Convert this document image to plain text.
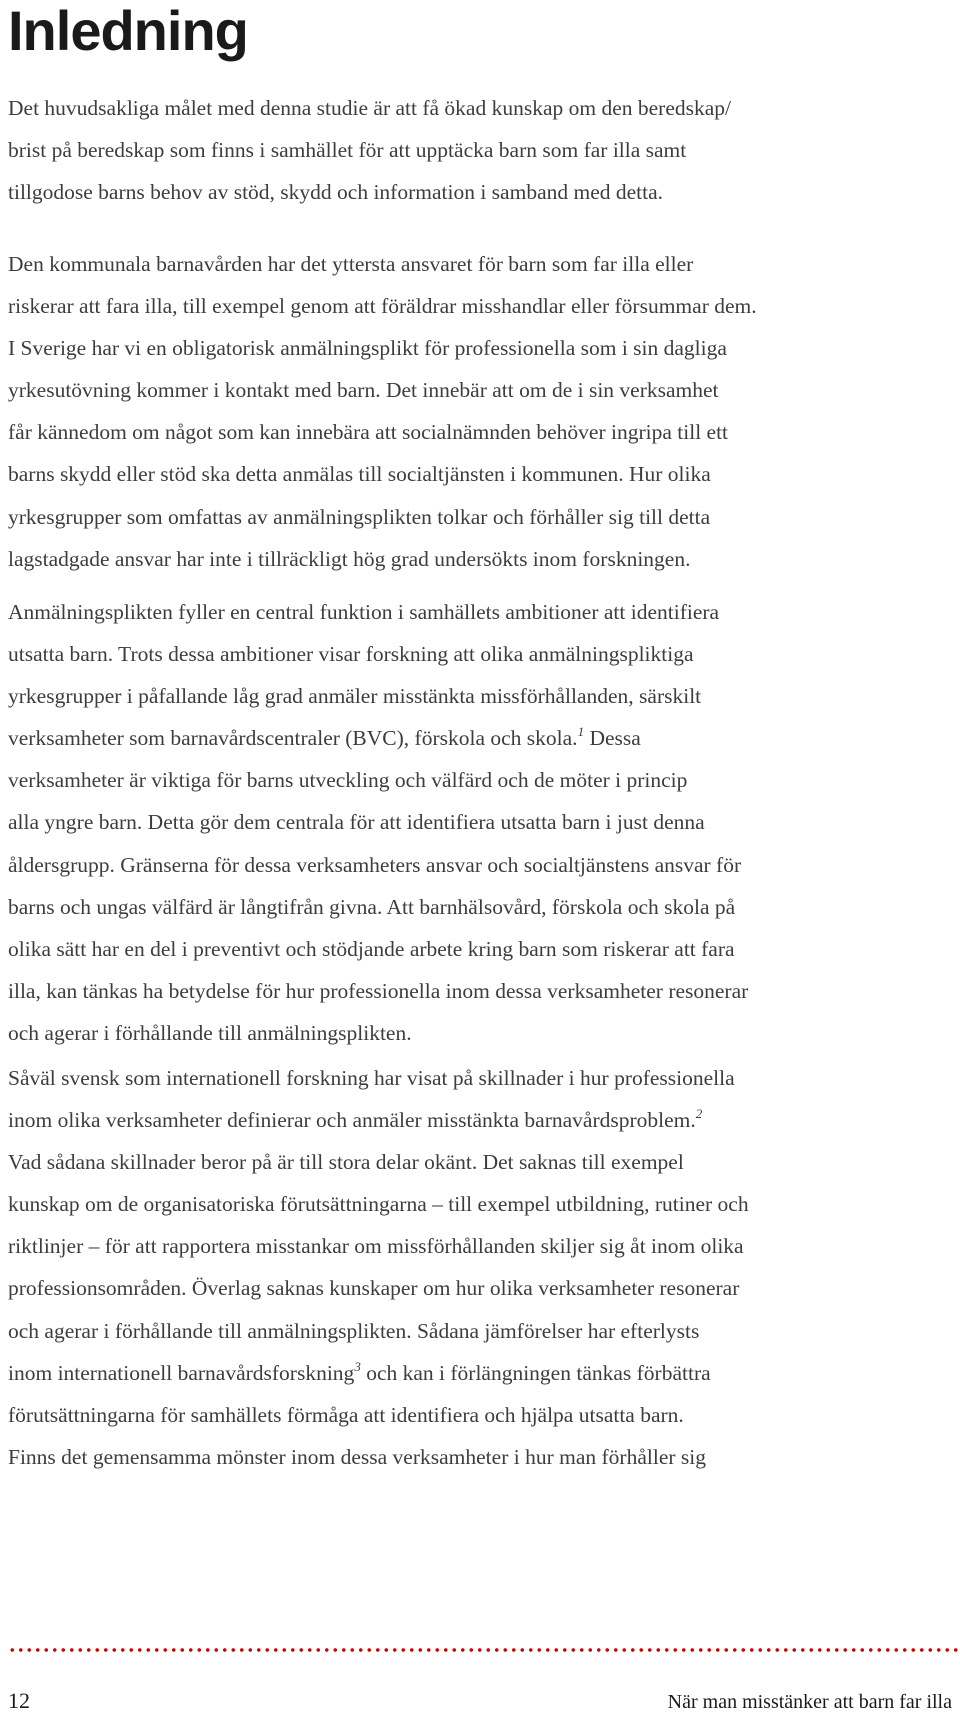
Inledning
Det huvudsakliga målet med denna studie är att få ökad kunskap om den beredskap/
brist på beredskap som finns i samhället för att upptäcka barn som far illa samt
tillgodose barns behov av stöd, skydd och information i samband med detta.
Den kommunala barnavården har det yttersta ansvaret för barn som far illa eller
riskerar att fara illa, till exempel genom att föräldrar misshandlar eller försummar dem.
I Sverige har vi en obligatorisk anmälningsplikt för professionella som i sin dagliga
yrkesutövning kommer i kontakt med barn. Det innebär att om de i sin verksamhet
får kännedom om något som kan innebära att socialnämnden behöver ingripa till ett
barns skydd eller stöd ska detta anmälas till socialtjänsten i kommunen. Hur olika
yrkesgrupper som omfattas av anmälningsplikten tolkar och förhåller sig till detta
lagstadgade ansvar har inte i tillräckligt hög grad undersökts inom forskningen.
Anmälningsplikten fyller en central funktion i samhällets ambitioner att identifiera
utsatta barn. Trots dessa ambitioner visar forskning att olika anmälningspliktiga
yrkesgrupper i påfallande låg grad anmäler misstänkta missförhållanden, särskilt
verksamheter som barnavårdscentraler (BVC), förskola och skola.$^1$ Dessa
verksamheter är viktiga för barns utveckling och välfärd och de möter i princip
alla yngre barn. Detta gör dem centrala för att identifiera utsatta barn i just denna
åldersgrupp. Gränserna för dessa verksamheters ansvar och socialtjänstens ansvar för
barns och ungas välfärd är långtifrån givna. Att barnhälsovård, förskola och skola på
olika sätt har en del i preventivt och stödjande arbete kring barn som riskerar att fara
illa, kan tänkas ha betydelse för hur professionella inom dessa verksamheter resonerar
och agerar i förhållande till anmälningsplikten.
Såväl svensk som internationell forskning har visat på skillnader i hur professionella
inom olika verksamheter definierar och anmäler misstänkta barnavårdsproblem.$^2$
Vad sådana skillnader beror på är till stora delar okänt. Det saknas till exempel
kunskap om de organisatoriska förutsättningarna – till exempel utbildning, rutiner och
riktlinjer – för att rapportera misstankar om missförhållanden skiljer sig åt inom olika
professionsområden. Överlag saknas kunskaper om hur olika verksamheter resonerar
och agerar i förhållande till anmälningsplikten. Sådana jämförelser har efterlysts
inom internationell barnavårdsforskning$^3$ och kan i förlängningen tänkas förbättra
förutsättningarna för samhällets förmåga att identifiera och hjälpa utsatta barn.
Finns det gemensamma mönster inom dessa verksamheter i hur man förhåller sig
12	När man misstänker att barn far illa
